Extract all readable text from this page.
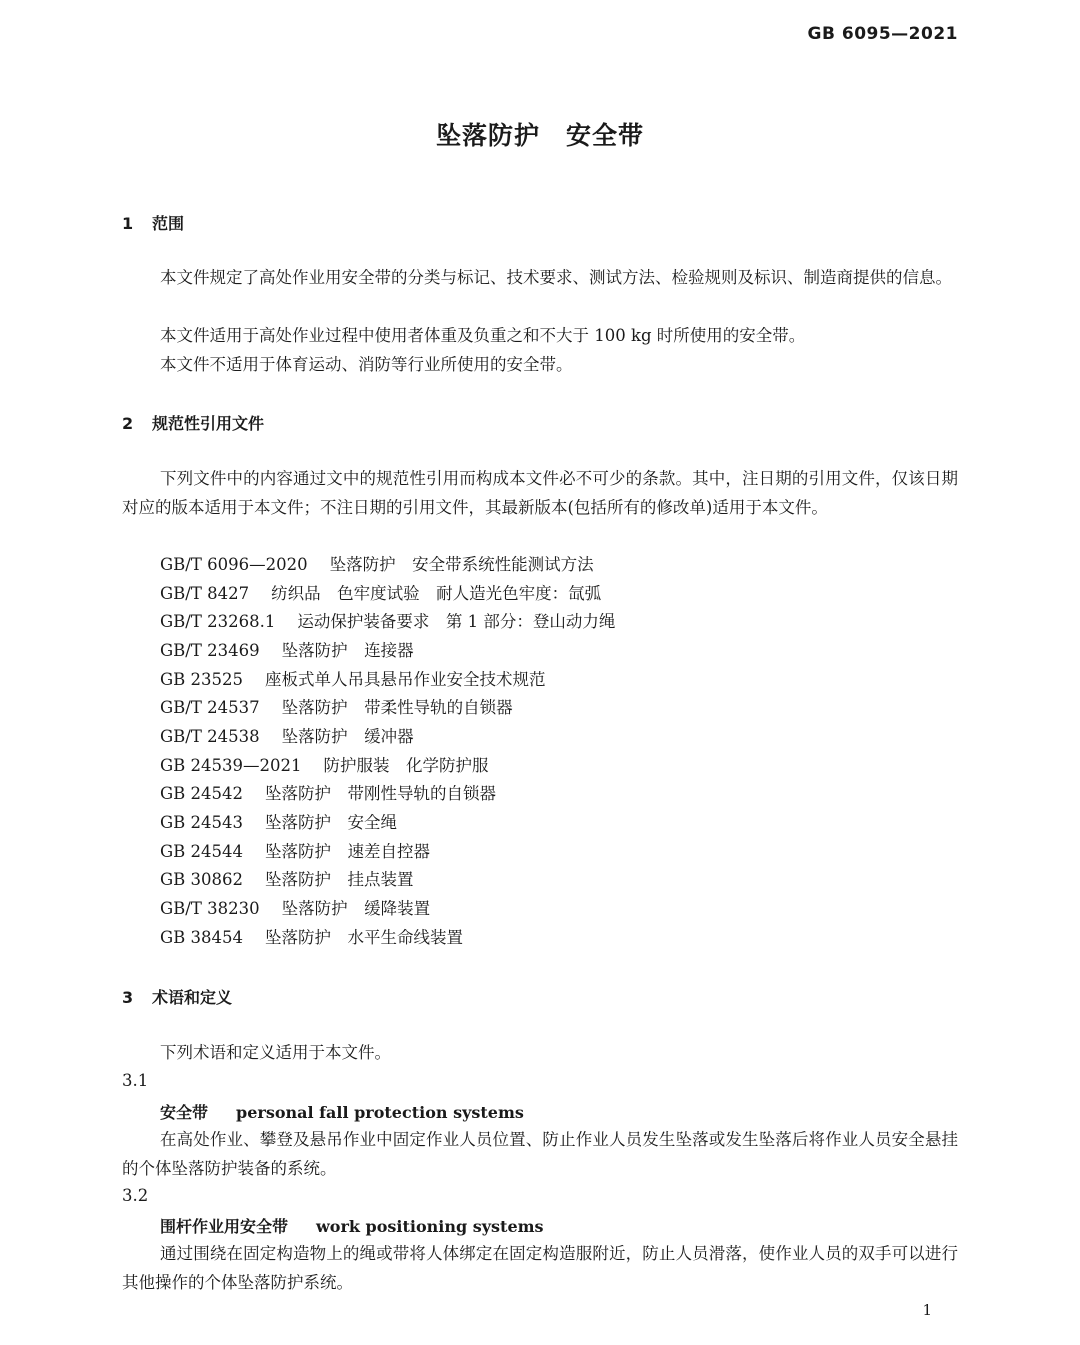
GB 6095—2021
坠落防护　安全带
1 范围

本文件规定了高处作业用安全带的分类与标记、技术要求、测试方法、检验规则及标识、制造商提供的信息。

本文件适用于高处作业过程中使用者体重及负重之和不大于 100 kg 时所使用的安全带。

本文件不适用于体育运动、消防等行业所使用的安全带。

2 规范性引用文件

下列文件中的内容通过文中的规范性引用而构成本文件必不可少的条款。其中，注日期的引用文件，仅该日期对应的版本适用于本文件；不注日期的引用文件，其最新版本(包括所有的修改单)适用于本文件。

GB/T 6096—2020 坠落防护　安全带系统性能测试方法
GB/T 8427 纺织品　色牢度试验　耐人造光色牢度：氙弧
GB/T 23268.1 运动保护装备要求　第 1 部分：登山动力绳
GB/T 23469 坠落防护　连接器
GB 23525 座板式单人吊具悬吊作业安全技术规范
GB/T 24537 坠落防护　带柔性导轨的自锁器
GB/T 24538 坠落防护　缓冲器
GB 24539—2021 防护服装　化学防护服
GB 24542 坠落防护　带刚性导轨的自锁器
GB 24543 坠落防护　安全绳
GB 24544 坠落防护　速差自控器
GB 30862 坠落防护　挂点装置
GB/T 38230 坠落防护　缓降装置
GB 38454 坠落防护　水平生命线装置
3 术语和定义

下列术语和定义适用于本文件。

3.1
安全带 personal fall protection systems

在高处作业、攀登及悬吊作业中固定作业人员位置、防止作业人员发生坠落或发生坠落后将作业人员安全悬挂的个体坠落防护装备的系统。

3.2
围杆作业用安全带 work positioning systems

通过围绕在固定构造物上的绳或带将人体绑定在固定构造服附近，防止人员滑落，使作业人员的双手可以进行其他操作的个体坠落防护系统。

1
